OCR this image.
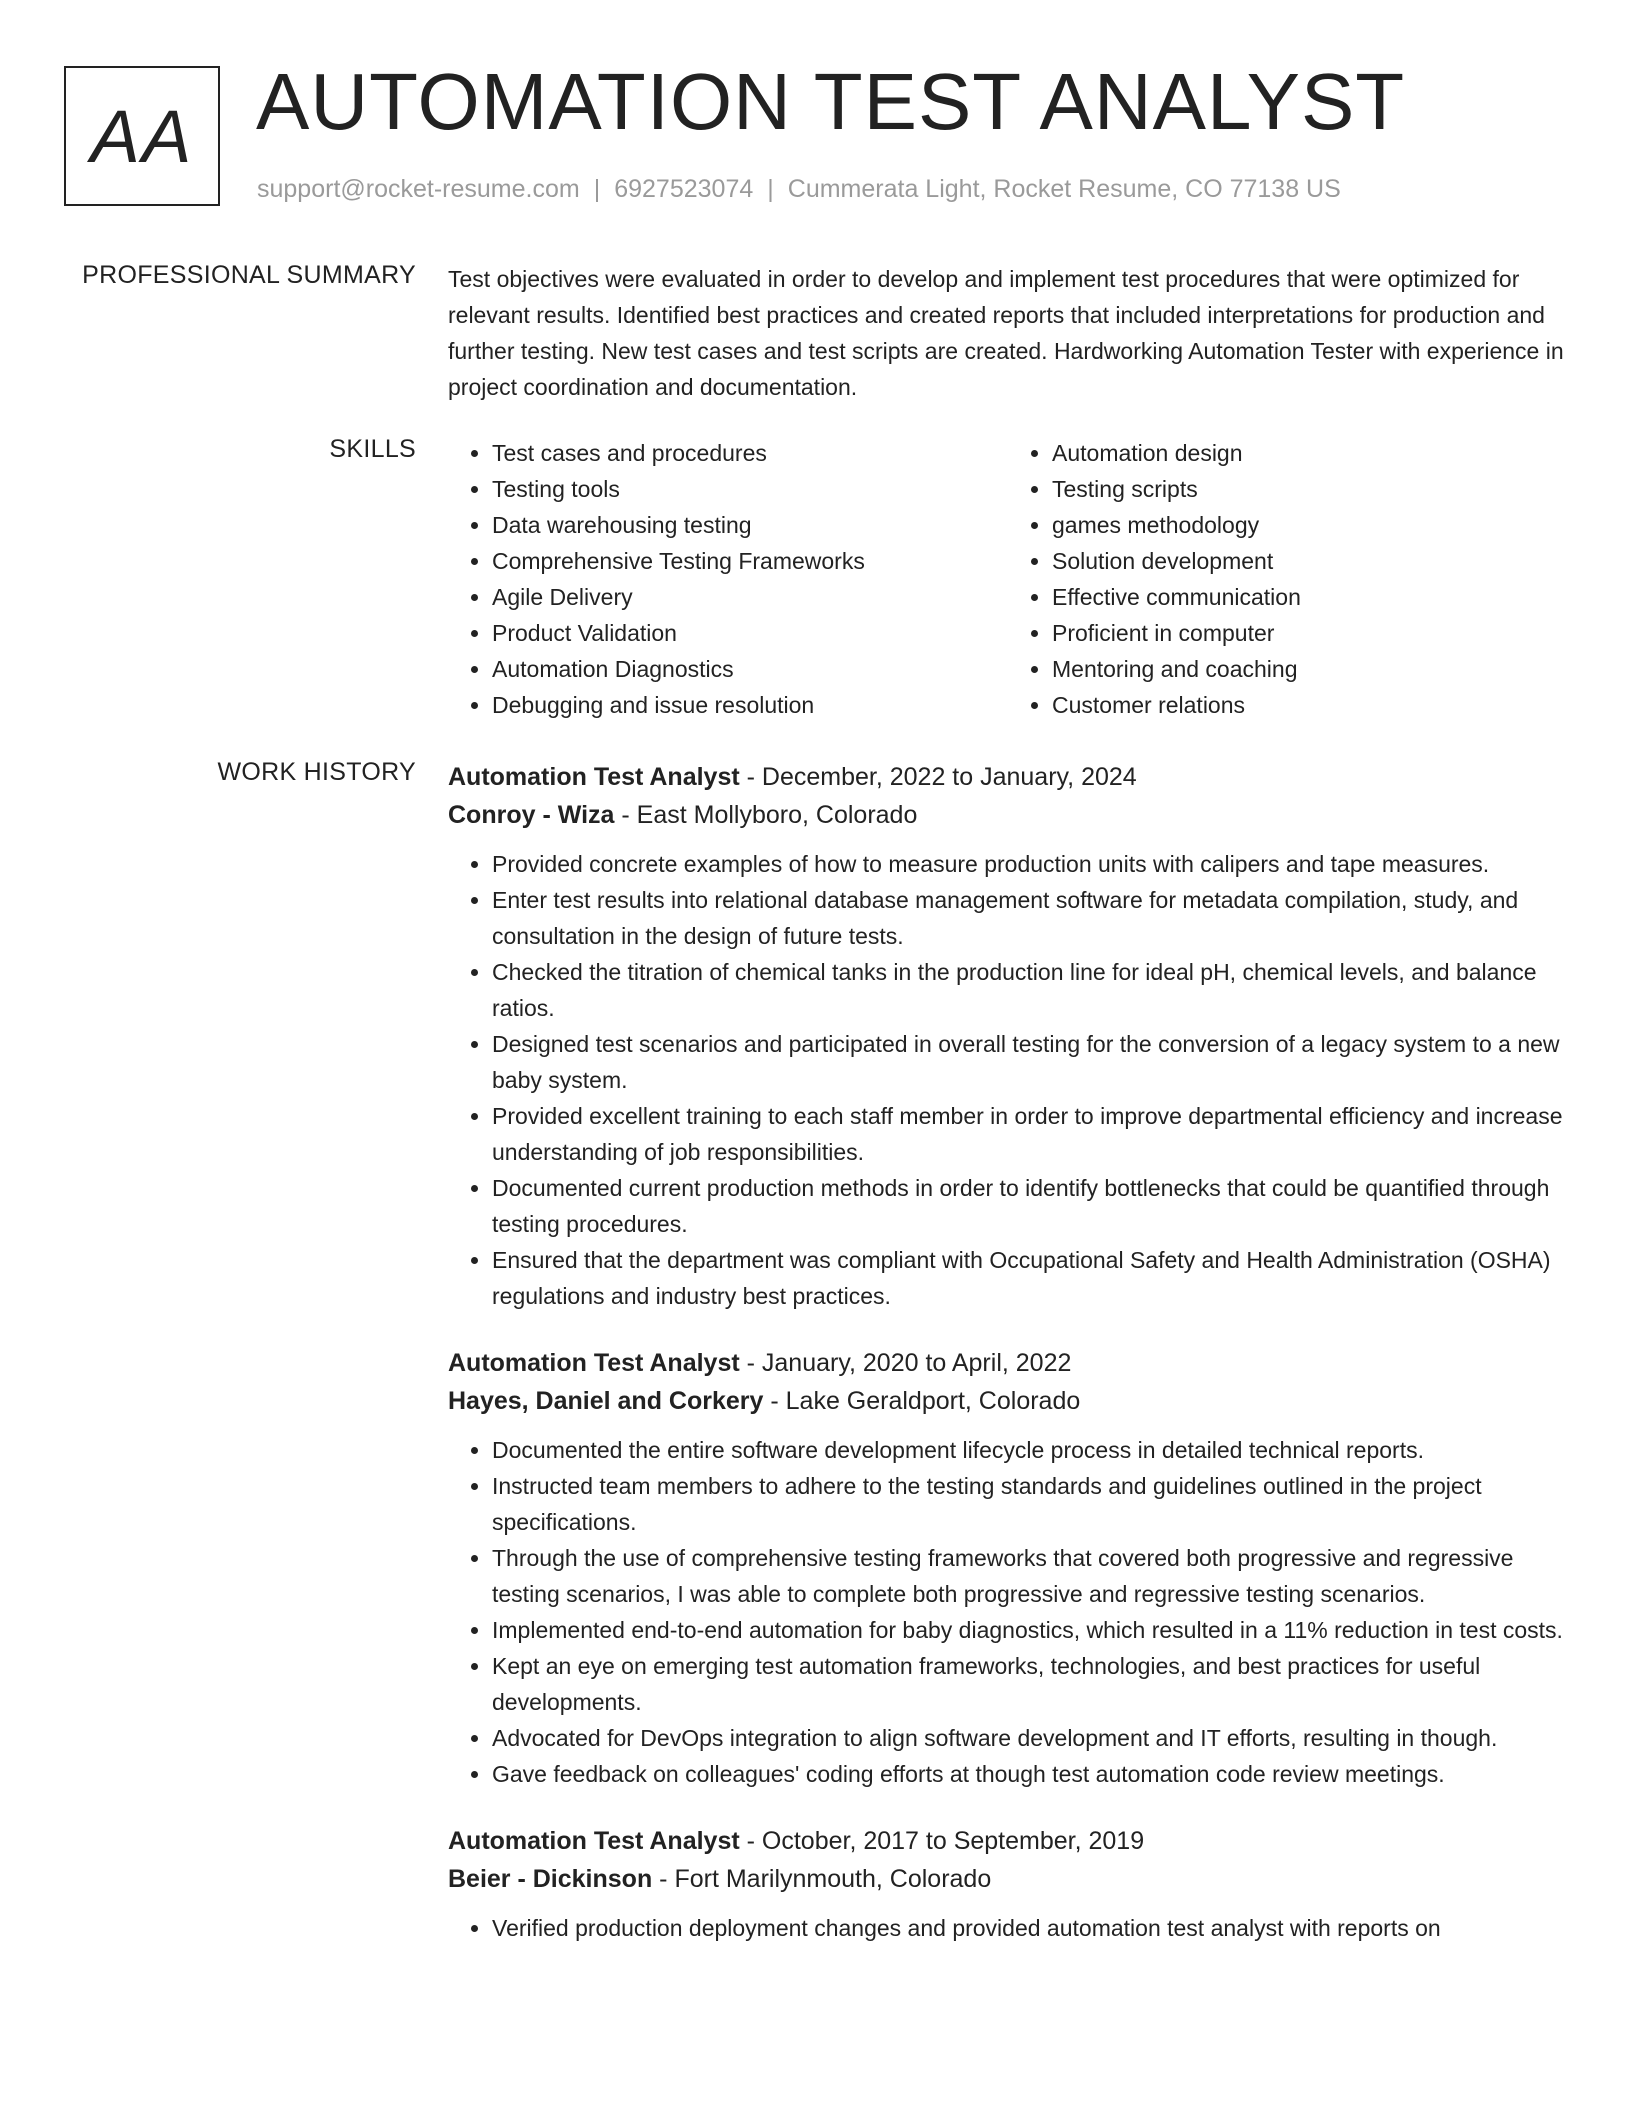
AA AUTOMATION TEST ANALYST
support@rocket-resume.com | 6927523074 | Cummerata Light, Rocket Resume, CO 77138 US
PROFESSIONAL SUMMARY Test objectives were evaluated in order to develop and implement test procedures that were optimized for relevant results. Identified best practices and created reports that included interpretations for production and further testing. New test cases and test scripts are created. Hardworking Automation Tester with experience in project coordination and documentation.

SKILLS
•	Test cases and procedures
• Testing tools
• Data warehousing testing
• Comprehensive Testing Frameworks
• Agile Delivery
• Product Validation
• Automation Diagnostics
• Debugging and issue resolution
• Automation design
• Testing scripts
• games methodology
• Solution development
• Effective communication
• Proficient in computer
• Mentoring and coaching
• Customer relations
WORK HISTORY Automation Test Analyst - December, 2022 to January, 2024
Conroy - Wiza - East Mollyboro, Colorado
• Provided concrete examples of how to measure production units with calipers and tape measures.
• Enter test results into relational database management software for metadata compilation, study, and consultation in the design of future tests.
• Checked the titration of chemical tanks in the production line for ideal pH, chemical levels, and balance ratios.
• Designed test scenarios and participated in overall testing for the conversion of a legacy system to a new baby system.
• Provided excellent training to each staff member in order to improve departmental efficiency and increase understanding of job responsibilities.
• Documented current production methods in order to identify bottlenecks that could be quantified through testing procedures.
• Ensured that the department was compliant with Occupational Safety and Health Administration (OSHA) regulations and industry best practices.
Automation Test Analyst - January, 2020 to April, 2022
Hayes, Daniel and Corkery - Lake Geraldport, Colorado
• Documented the entire software development lifecycle process in detailed technical reports.
• Instructed team members to adhere to the testing standards and guidelines outlined in the project specifications.
• Through the use of comprehensive testing frameworks that covered both progressive and regressive testing scenarios, I was able to complete both progressive and regressive testing scenarios.
• Implemented end-to-end automation for baby diagnostics, which resulted in a 11% reduction in test costs.
• Kept an eye on emerging test automation frameworks, technologies, and best practices for useful developments.
• Advocated for DevOps integration to align software development and IT efforts, resulting in though.
• Gave feedback on colleagues' coding efforts at though test automation code review meetings.
Automation Test Analyst - October, 2017 to September, 2019
Beier - Dickinson - Fort Marilynmouth, Colorado
• Verified production deployment changes and provided automation test analyst with reports on
